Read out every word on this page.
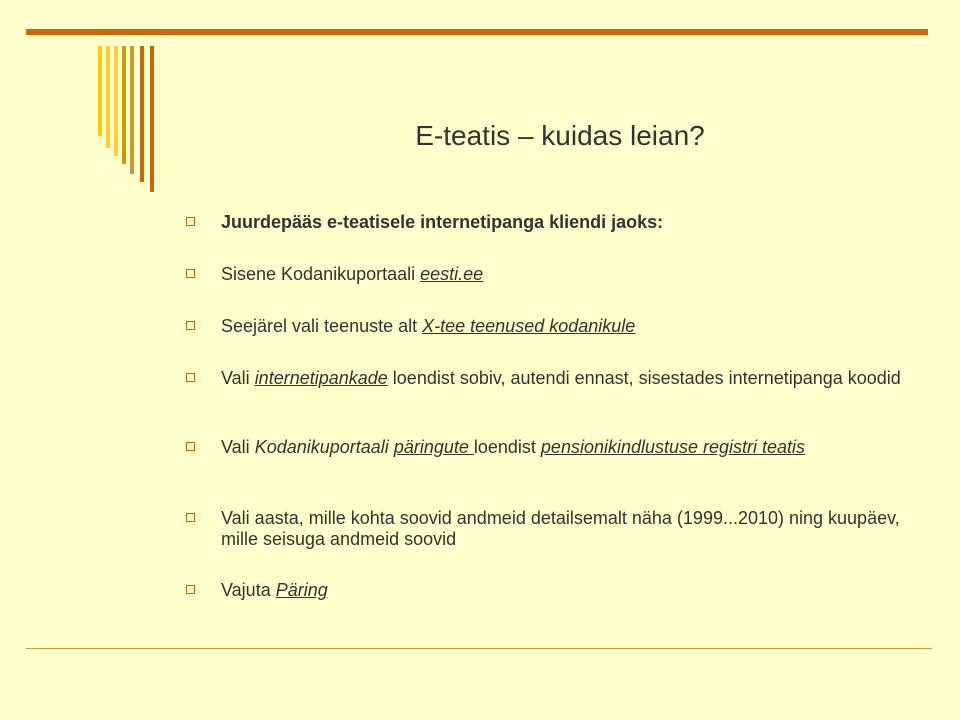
E-teatis – kuidas leian?
Juurdepääs e-teatisele internetipanga kliendi jaoks:
Sisene Kodanikuportaali eesti.ee
Seejärel vali teenuste alt X-tee teenused kodanikule
Vali internetipankade loendist sobiv, autendi ennast, sisestades internetipanga koodid
Vali Kodanikuportaali päringute loendist pensionikindlustuse registri teatis
Vali aasta, mille kohta soovid andmeid detailsemalt näha (1999...2010) ning kuupäev, mille seisuga andmeid soovid
Vajuta Päring
